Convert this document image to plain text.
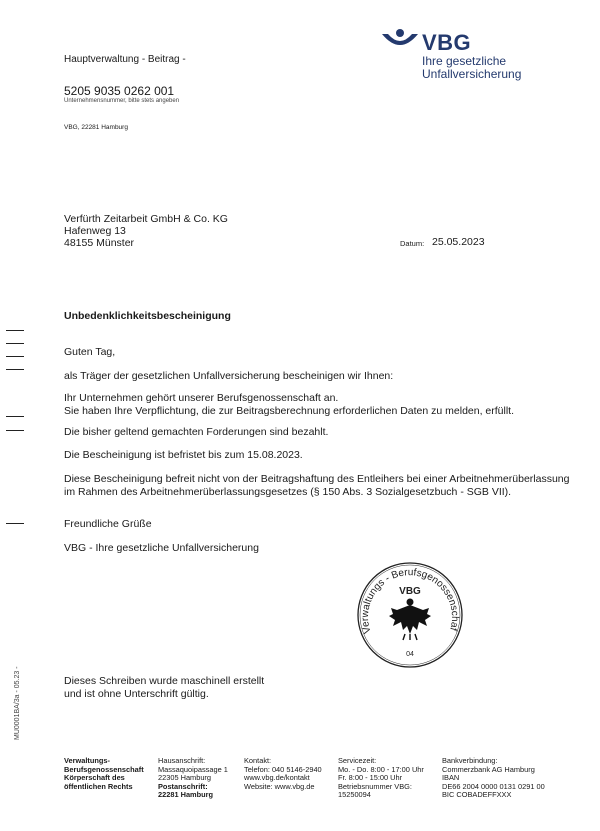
VBG
Ihre gesetzliche
Unfallversicherung
Hauptverwaltung - Beitrag -
5205 9035 0262 001
Unternehmensnummer, bitte stets angeben
VBG, 22281 Hamburg
Verfürth Zeitarbeit GmbH & Co. KG
Hafenweg 13
48155 Münster	Datum: 25.05.2023
Unbedenklichkeitsbescheinigung
Guten Tag,
als Träger der gesetzlichen Unfallversicherung bescheinigen wir Ihnen:
Ihr Unternehmen gehört unserer Berufsgenossenschaft an.
Sie haben Ihre Verpflichtung, die zur Beitragsberechnung erforderlichen Daten zu melden, erfüllt.
Die bisher geltend gemachten Forderungen sind bezahlt.
Die Bescheinigung ist befristet bis zum 15.08.2023.
Diese Bescheinigung befreit nicht von der Beitragshaftung des Entleihers bei einer Arbeitnehmerüberlassung
im Rahmen des Arbeitnehmerüberlassungsgesetzes (§ 150 Abs. 3 Sozialgesetzbuch - SGB VII).
Freundliche Grüße
VBG - Ihre gesetzliche Unfallversicherung
Verwaltungs - Berufsgenossenschaf
VBG
04
Dieses Schreiben wurde maschinell erstellt
und ist ohne Unterschrift gültig.
MU0001BA/3a - 05.23 -
Verwaltungs-
Berufsgenossenschaft
Körperschaft des
öffentlichen Rechts
Hausanschrift:
Massaquoipassage 1
22305 Hamburg
Postanschrift:
22281 Hamburg
Kontakt:
Telefon: 040 5146-2940
www.vbg.de/kontakt
Website: www.vbg.de
Servicezeit:
Mo. - Do. 8:00 - 17:00 Uhr
Fr. 8:00 - 15:00 Uhr
Betriebsnummer VBG:
15250094
Bankverbindung:
Commerzbank AG Hamburg
IBAN
DE66 2004 0000 0131 0291 00
BIC COBADEFFXXX
